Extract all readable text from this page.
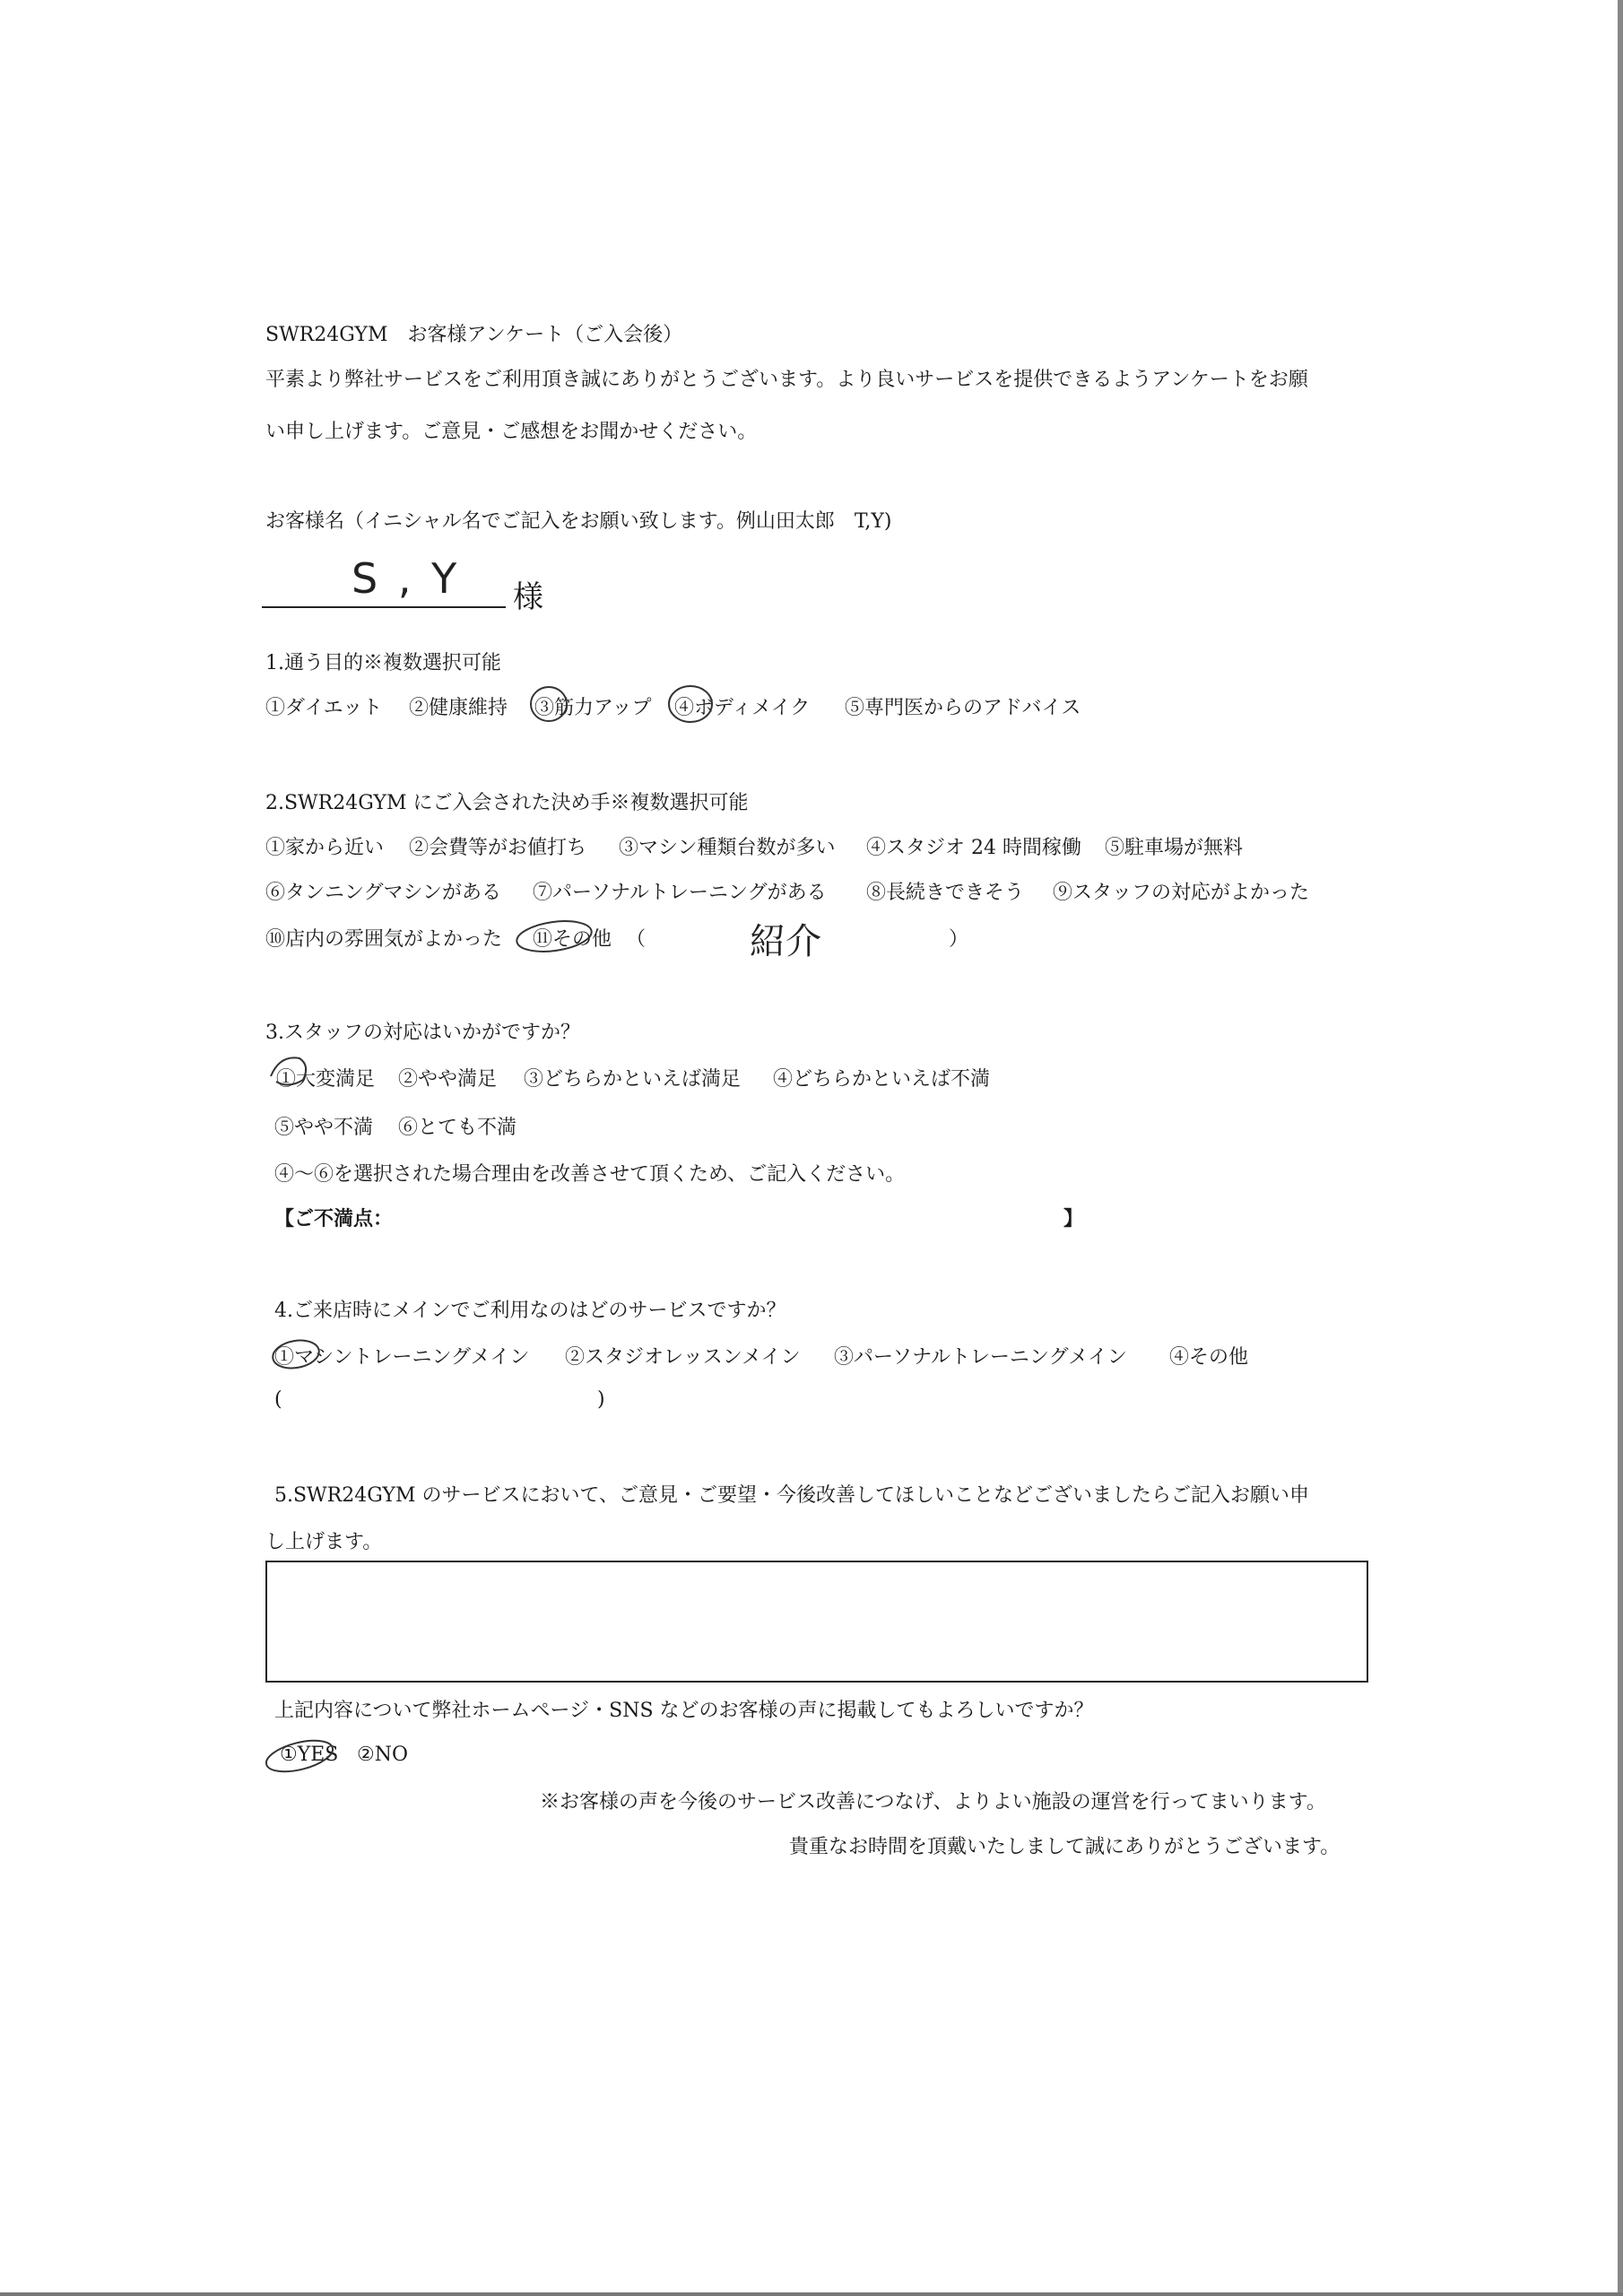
SWR24GYM　お客様アンケート（ご入会後）
平素より弊社サービスをご利用頂き誠にありがとうございます。より良いサービスを提供できるようアンケートをお願
い申し上げます。ご意見・ご感想をお聞かせください。
お客様名（イニシャル名でご記入をお願い致します。例山田太郎　T,Y)
S , Y 様
1.通う目的※複数選択可能
①ダイエット ②健康維持 ③筋力アップ ④ボディメイク ⑤専門医からのアドバイス
2.SWR24GYM にご入会された決め手※複数選択可能
①家から近い ②会費等がお値打ち ③マシン種類台数が多い ④スタジオ 24 時間稼働 ⑤駐車場が無料
⑥タンニングマシンがある ⑦パーソナルトレーニングがある ⑧長続きできそう ⑨スタッフの対応がよかった
⑩店内の雰囲気がよかった ⑪その他 （	紹介	）
3.スタッフの対応はいかがですか？
①大変満足 ②やや満足 ③どちらかといえば満足 ④どちらかといえば不満
⑤やや不満 ⑥とても不満
④～⑥を選択された場合理由を改善させて頂くため、ご記入ください。
【ご不満点：	】
4.ご来店時にメインでご利用なのはどのサービスですか？
①マシントレーニングメイン ②スタジオレッスンメイン ③パーソナルトレーニングメイン ④その他
(	)
5.SWR24GYM のサービスにおいて、ご意見・ご要望・今後改善してほしいことなどございましたらご記入お願い申
し上げます。
上記内容について弊社ホームページ・SNS などのお客様の声に掲載してもよろしいですか？
①YES ②NO
※お客様の声を今後のサービス改善につなげ、よりよい施設の運営を行ってまいります。
貴重なお時間を頂戴いたしまして誠にありがとうございます。
